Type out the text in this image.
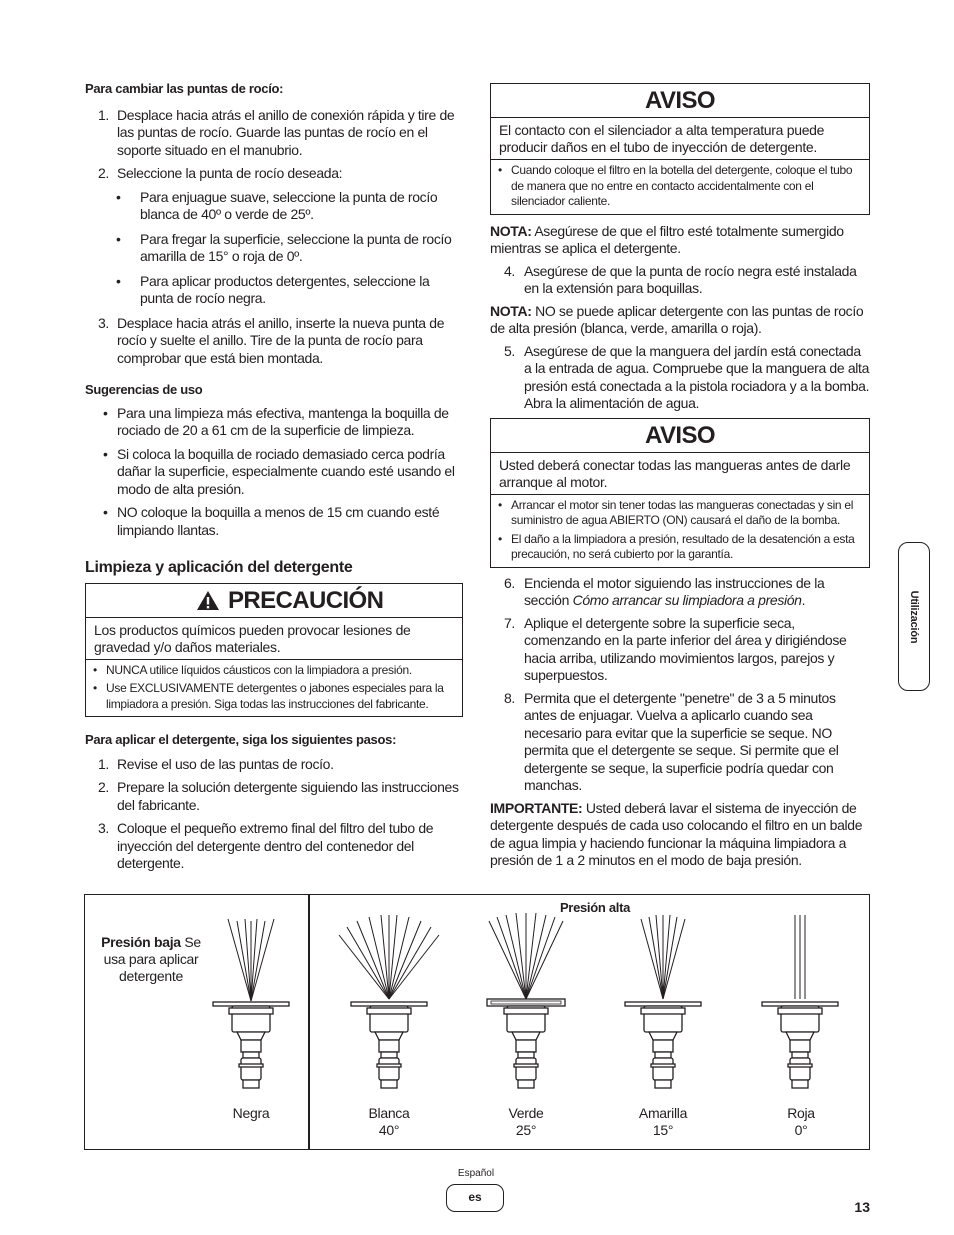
Para cambiar las puntas de rocío:
1. Desplace hacia atrás el anillo de conexión rápida y tire de las puntas de rocío. Guarde las puntas de rocío en el soporte situado en el manubrio.
2. Seleccione la punta de rocío deseada:
• Para enjuague suave, seleccione la punta de rocío blanca de 40º o verde de 25º.
• Para fregar la superficie, seleccione la punta de rocío amarilla de 15° o roja de 0º.
• Para aplicar productos detergentes, seleccione la punta de rocío negra.
3. Desplace hacia atrás el anillo, inserte la nueva punta de rocío y suelte el anillo. Tire de la punta de rocío para comprobar que está bien montada.
Sugerencias de uso
• Para una limpieza más efectiva, mantenga la boquilla de rociado de 20 a 61 cm de la superficie de limpieza.
• Si coloca la boquilla de rociado demasiado cerca podría dañar la superficie, especialmente cuando esté usando el modo de alta presión.
• NO coloque la boquilla a menos de 15 cm cuando esté limpiando llantas.
Limpieza y aplicación del detergente
PRECAUCIÓN
Los productos químicos pueden provocar lesiones de gravedad y/o daños materiales.
• NUNCA utilice líquidos cáusticos con la limpiadora a presión.
• Use EXCLUSIVAMENTE detergentes o jabones especiales para la limpiadora a presión. Siga todas las instrucciones del fabricante.
Para aplicar el detergente, siga los siguientes pasos:
1. Revise el uso de las puntas de rocío.
2. Prepare la solución detergente siguiendo las instrucciones del fabricante.
3. Coloque el pequeño extremo final del filtro del tubo de inyección del detergente dentro del contenedor del detergente.
AVISO
El contacto con el silenciador a alta temperatura puede producir daños en el tubo de inyección de detergente.
• Cuando coloque el filtro en la botella del detergente, coloque el tubo de manera que no entre en contacto accidentalmente con el silenciador caliente.

NOTA: Asegúrese de que el filtro esté totalmente sumergido mientras se aplica el detergente.

4. Asegúrese de que la punta de rocío negra esté instalada en la extensión para boquillas.

NOTA: NO se puede aplicar detergente con las puntas de rocío de alta presión (blanca, verde, amarilla o roja).

5. Asegúrese de que la manguera del jardín está conectada a la entrada de agua. Compruebe que la manguera de alta presión está conectada a la pistola rociadora y a la bomba. Abra la alimentación de agua.
AVISO
Usted deberá conectar todas las mangueras antes de darle arranque al motor.
• Arrancar el motor sin tener todas las mangueras conectadas y sin el suministro de agua ABIERTO (ON) causará el daño de la bomba.
• El daño a la limpiadora a presión, resultado de la desatención a esta precaución, no será cubierto por la garantía.
6. Encienda el motor siguiendo las instrucciones de la sección Cómo arrancar su limpiadora a presión.
7. Aplique el detergente sobre la superficie seca, comenzando en la parte inferior del área y dirigiéndose hacia arriba, utilizando movimientos largos, parejos y superpuestos.
8. Permita que el detergente "penetre" de 3 a 5 minutos antes de enjuagar. Vuelva a aplicarlo cuando sea necesario para evitar que la superficie se seque. NO permita que el detergente se seque. Si permite que el detergente se seque, la superficie podría quedar con manchas.

IMPORTANTE: Usted deberá lavar el sistema de inyección de detergente después de cada uso colocando el filtro en un balde de agua limpia y haciendo funcionar la máquina limpiadora a presión de 1 a 2 minutos en el modo de baja presión.

Utilización
Presión alta
Presión baja Se usa para aplicar detergente
Negra	Blanca
40°
Verde
25°
Amarilla
15°
Roja
0°
Español
es
13
